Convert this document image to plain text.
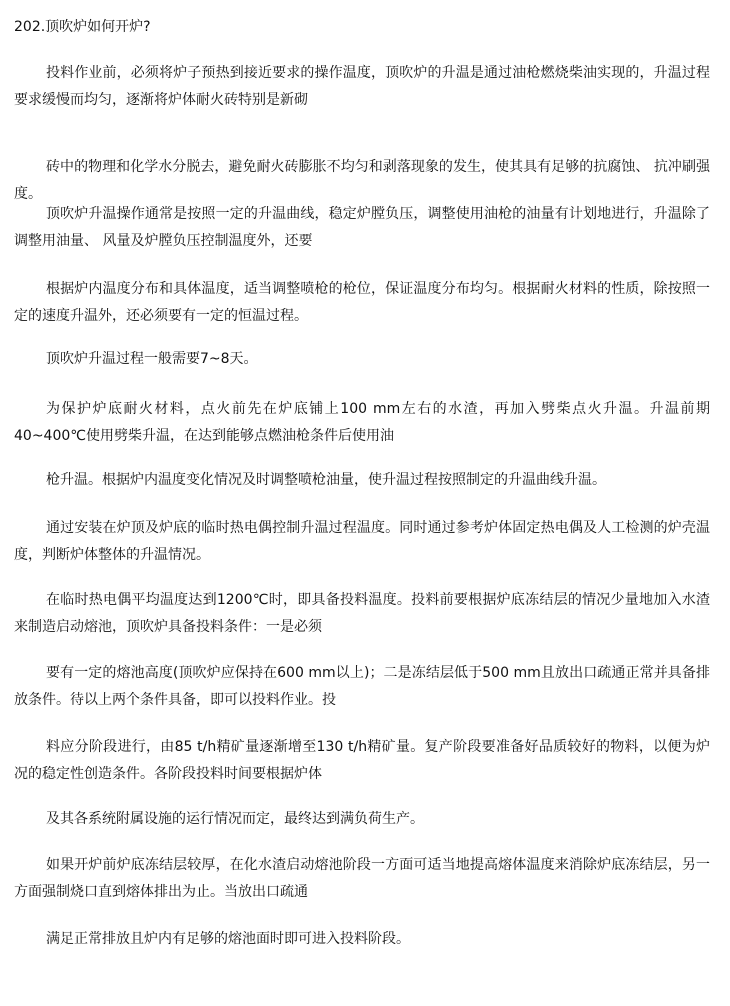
202.顶吹炉如何开炉?

投料作业前，必须将炉子预热到接近要求的操作温度，顶吹炉的升温是通过油枪燃烧柴油实现的，升温过程要求缓慢而均匀，逐渐将炉体耐火砖特别是新砌

砖中的物理和化学水分脱去，避免耐火砖膨胀不均匀和剥落现象的发生，使其具有足够的抗腐蚀、 抗冲刷强度。

顶吹炉升温操作通常是按照一定的升温曲线，稳定炉膛负压，调整使用油枪的油量有计划地进行，升温除了调整用油量、 风量及炉膛负压控制温度外，还要

根据炉内温度分布和具体温度，适当调整喷枪的枪位，保证温度分布均匀。根据耐火材料的性质，除按照一定的速度升温外，还必须要有一定的恒温过程。

顶吹炉升温过程一般需要7~8天。

为保护炉底耐火材料，点火前先在炉底铺上100 mm左右的水渣，再加入劈柴点火升温。升温前期40~400℃使用劈柴升温，在达到能够点燃油枪条件后使用油

枪升温。根据炉内温度变化情况及时调整喷枪油量，使升温过程按照制定的升温曲线升温。

通过安装在炉顶及炉底的临时热电偶控制升温过程温度。同时通过参考炉体固定热电偶及人工检测的炉壳温度，判断炉体整体的升温情况。

在临时热电偶平均温度达到1200℃时，即具备投料温度。投料前要根据炉底冻结层的情况少量地加入水渣来制造启动熔池，顶吹炉具备投料条件：一是必须

要有一定的熔池高度(顶吹炉应保持在600 mm以上)；二是冻结层低于500 mm且放出口疏通正常并具备排放条件。待以上两个条件具备，即可以投料作业。投

料应分阶段进行，由85 t/h精矿量逐渐增至130 t/h精矿量。复产阶段要准备好品质较好的物料，以便为炉况的稳定性创造条件。各阶段投料时间要根据炉体

及其各系统附属设施的运行情况而定，最终达到满负荷生产。

如果开炉前炉底冻结层较厚，在化水渣启动熔池阶段一方面可适当地提高熔体温度来消除炉底冻结层，另一方面强制烧口直到熔体排出为止。当放出口疏通

满足正常排放且炉内有足够的熔池面时即可进入投料阶段。
